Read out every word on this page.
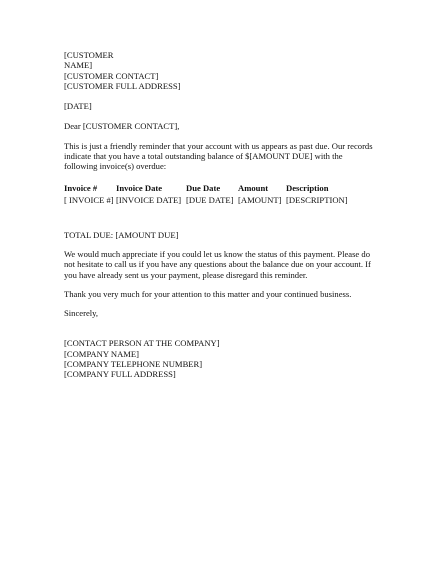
[CUSTOMER
NAME]
[CUSTOMER CONTACT]
[CUSTOMER FULL ADDRESS]
[DATE]
Dear [CUSTOMER CONTACT],
This is just a friendly reminder that your account with us appears as past due. Our records
indicate that you have a total outstanding balance of $[AMOUNT DUE] with the
following invoice(s) overdue:
Invoice #	Invoice Date	Due Date	Amount	Description
[ INVOICE #]	[INVOICE DATE]	[DUE DATE]	[AMOUNT]	[DESCRIPTION]
TOTAL DUE: [AMOUNT DUE]
We would much appreciate if you could let us know the status of this payment. Please do
not hesitate to call us if you have any questions about the balance due on your account. If
you have already sent us your payment, please disregard this reminder.
Thank you very much for your attention to this matter and your continued business.
Sincerely,
[CONTACT PERSON AT THE COMPANY]
[COMPANY NAME]
[COMPANY TELEPHONE NUMBER]
[COMPANY FULL ADDRESS]
